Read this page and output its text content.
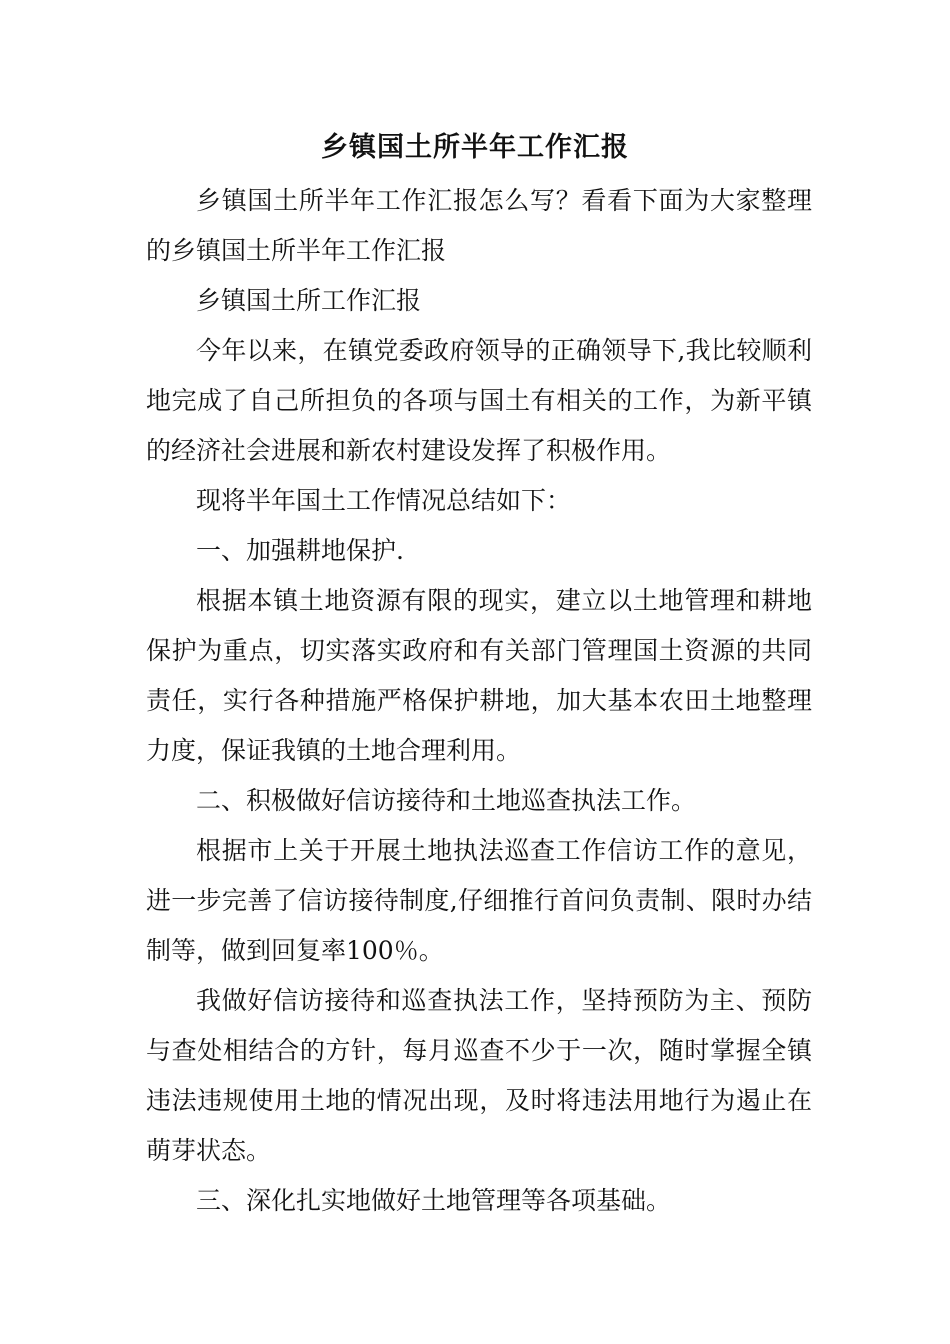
乡镇国土所半年工作汇报

乡镇国土所半年工作汇报怎么写？看看下面为大家整理的乡镇国土所半年工作汇报

乡镇国土所工作汇报

今年以来，在镇党委政府领导的正确领导下,我比较顺利地完成了自己所担负的各项与国土有相关的工作，为新平镇的经济社会进展和新农村建设发挥了积极作用。

现将半年国土工作情况总结如下：

一、加强耕地保护.

根据本镇土地资源有限的现实，建立以土地管理和耕地保护为重点，切实落实政府和有关部门管理国土资源的共同责任，实行各种措施严格保护耕地，加大基本农田土地整理力度，保证我镇的土地合理利用。

二、积极做好信访接待和土地巡查执法工作。

根据市上关于开展土地执法巡查工作信访工作的意见，进一步完善了信访接待制度,仔细推行首问负责制、限时办结制等，做到回复率100％。

我做好信访接待和巡查执法工作，坚持预防为主、预防与查处相结合的方针，每月巡查不少于一次，随时掌握全镇违法违规使用土地的情况出现，及时将违法用地行为遏止在萌芽状态。

三、深化扎实地做好土地管理等各项基础。
